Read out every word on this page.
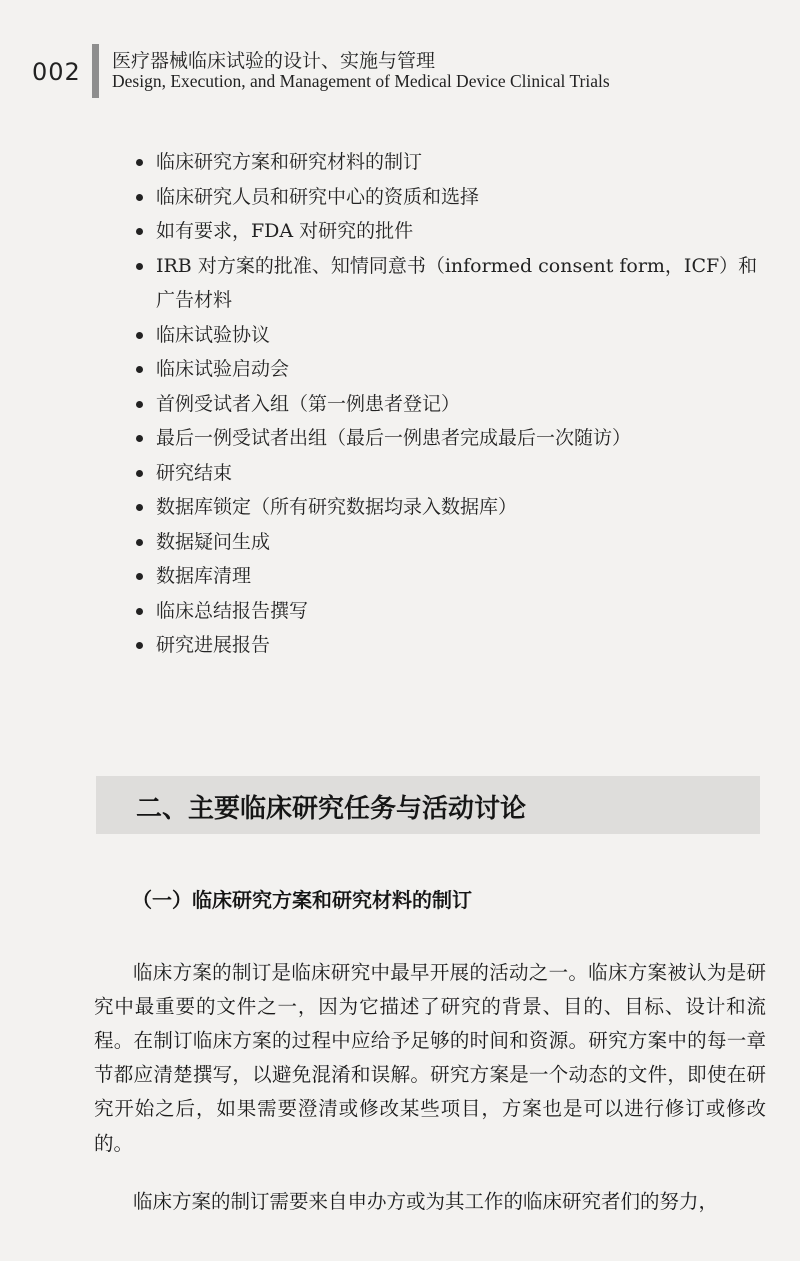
002 医疗器械临床试验的设计、实施与管理
Design, Execution, and Management of Medical Device Clinical Trials
临床研究方案和研究材料的制订
临床研究人员和研究中心的资质和选择
如有要求，FDA 对研究的批件
IRB 对方案的批准、知情同意书（informed consent form，ICF）和广告材料
临床试验协议
临床试验启动会
首例受试者入组（第一例患者登记）
最后一例受试者出组（最后一例患者完成最后一次随访）
研究结束
数据库锁定（所有研究数据均录入数据库）
数据疑问生成
数据库清理
临床总结报告撰写
研究进展报告
二、主要临床研究任务与活动讨论
（一）临床研究方案和研究材料的制订

临床方案的制订是临床研究中最早开展的活动之一。临床方案被认为是研究中最重要的文件之一，因为它描述了研究的背景、目的、目标、设计和流程。在制订临床方案的过程中应给予足够的时间和资源。研究方案中的每一章节都应清楚撰写，以避免混淆和误解。研究方案是一个动态的文件，即使在研究开始之后，如果需要澄清或修改某些项目，方案也是可以进行修订或修改的。

临床方案的制订需要来自申办方或为其工作的临床研究者们的努力，
